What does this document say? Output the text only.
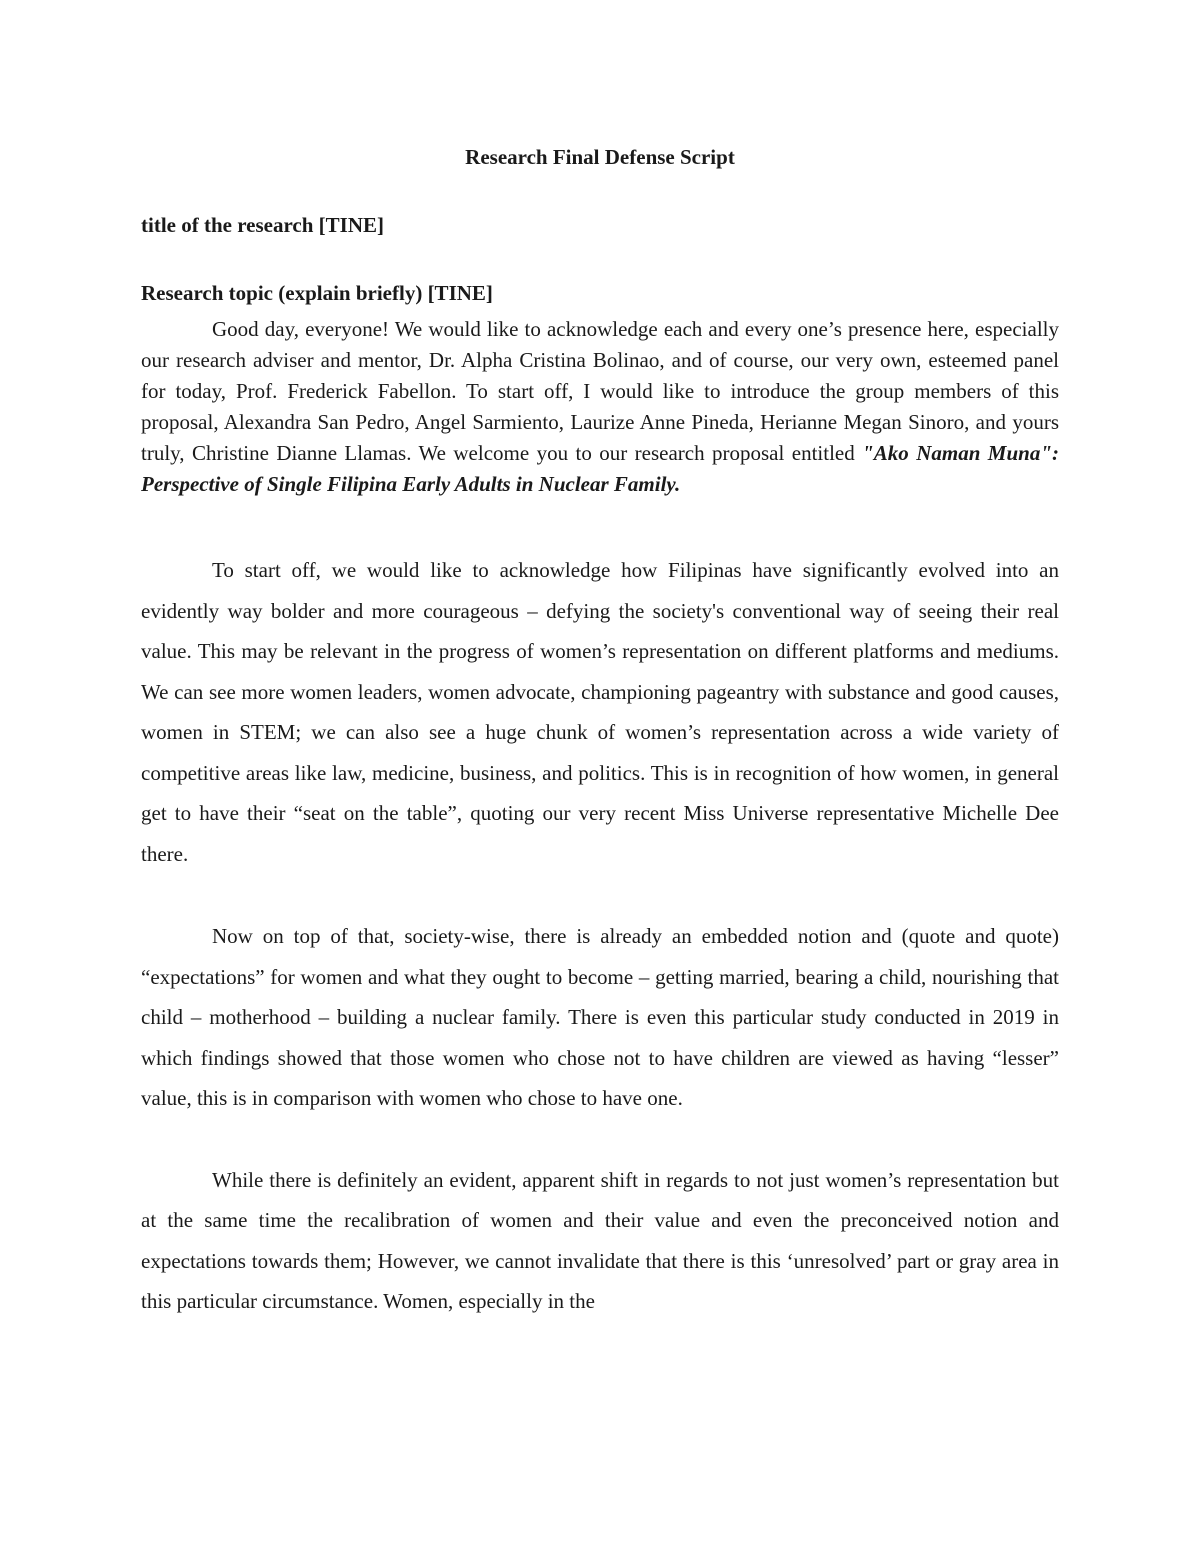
Research Final Defense Script

title of the research [TINE]

Research topic (explain briefly) [TINE]

Good day, everyone! We would like to acknowledge each and every one’s presence here, especially our research adviser and mentor, Dr. Alpha Cristina Bolinao, and of course, our very own, esteemed panel for today, Prof. Frederick Fabellon. To start off, I would like to introduce the group members of this proposal, Alexandra San Pedro, Angel Sarmiento, Laurize Anne Pineda, Herianne Megan Sinoro, and yours truly, Christine Dianne Llamas. We welcome you to our research proposal entitled "Ako Naman Muna": Perspective of Single Filipina Early Adults in Nuclear Family.

To start off, we would like to acknowledge how Filipinas have significantly evolved into an evidently way bolder and more courageous – defying the society's conventional way of seeing their real value. This may be relevant in the progress of women’s representation on different platforms and mediums. We can see more women leaders, women advocate, championing pageantry with substance and good causes, women in STEM; we can also see a huge chunk of women’s representation across a wide variety of competitive areas like law, medicine, business, and politics. This is in recognition of how women, in general get to have their “seat on the table”, quoting our very recent Miss Universe representative Michelle Dee there.

Now on top of that, society-wise, there is already an embedded notion and (quote and quote) “expectations” for women and what they ought to become – getting married, bearing a child, nourishing that child – motherhood – building a nuclear family. There is even this particular study conducted in 2019 in which findings showed that those women who chose not to have children are viewed as having “lesser” value, this is in comparison with women who chose to have one.

While there is definitely an evident, apparent shift in regards to not just women’s representation but at the same time the recalibration of women and their value and even the preconceived notion and expectations towards them; However, we cannot invalidate that there is this ‘unresolved’ part or gray area in this particular circumstance. Women, especially in the
